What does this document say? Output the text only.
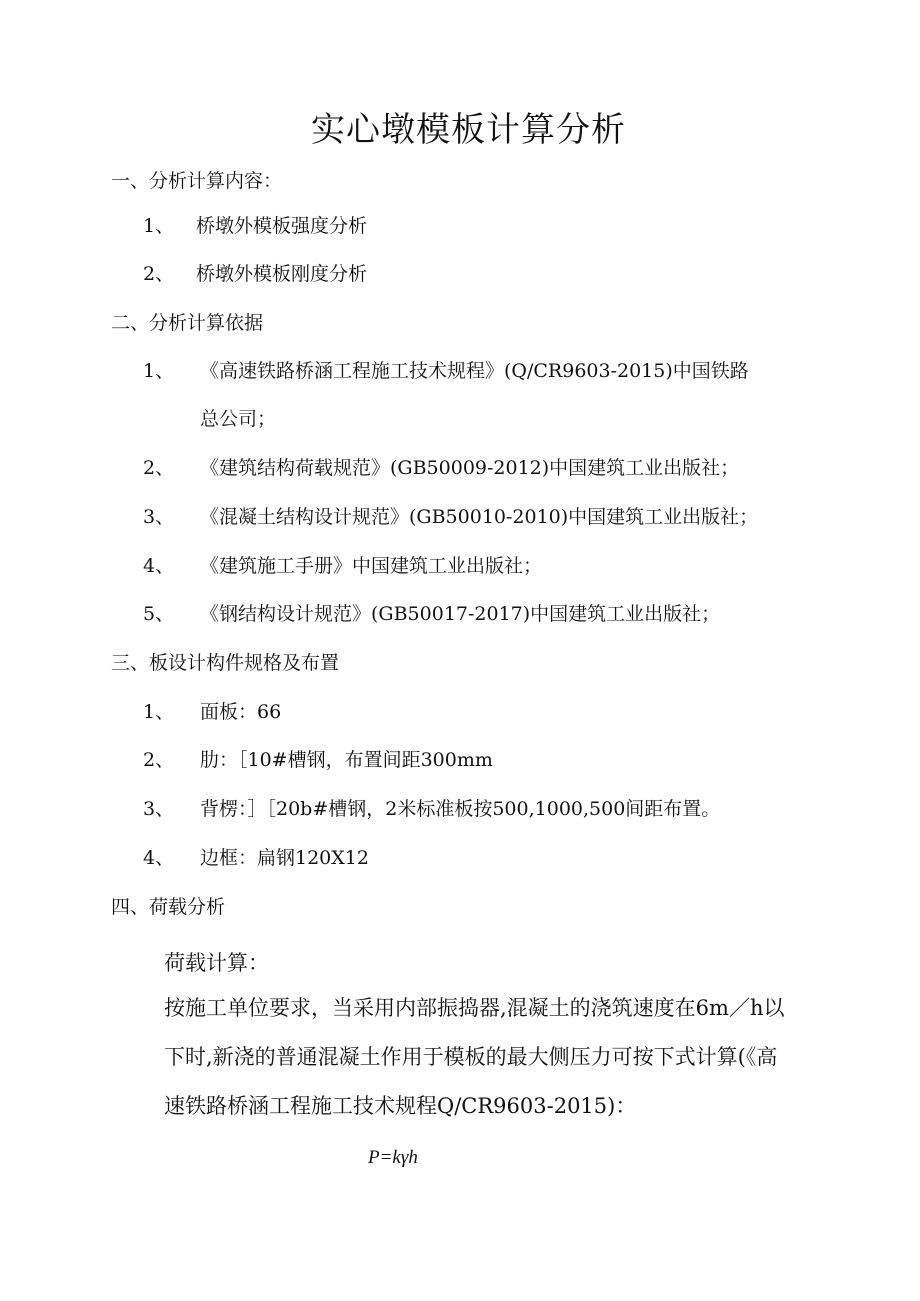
实心墩模板计算分析
一、分析计算内容：
1、 桥墩外模板强度分析
2、 桥墩外模板刚度分析
二、分析计算依据
1、 《高速铁路桥涵工程施工技术规程》(Q/CR9603-2015)中国铁路
总公司；
2、 《建筑结构荷载规范》(GB50009-2012)中国建筑工业出版社；
3、 《混凝土结构设计规范》(GB50010-2010)中国建筑工业出版社；
4、 《建筑施工手册》中国建筑工业出版社；
5、 《钢结构设计规范》(GB50017-2017)中国建筑工业出版社；
三、板设计构件规格及布置
1、 面板：66
2、 肋：［10#槽钢，布置间距300mm
3、 背楞：］［20b#槽钢，2米标准板按500,1000,500间距布置。
4、 边框：扁钢120X12
四、荷载分析
荷载计算：
按施工单位要求，当采用内部振捣器,混凝土的浇筑速度在6m／h以
下时,新浇的普通混凝土作用于模板的最大侧压力可按下式计算(《高
速铁路桥涵工程施工技术规程Q/CR9603-2015)：
P=kγh
